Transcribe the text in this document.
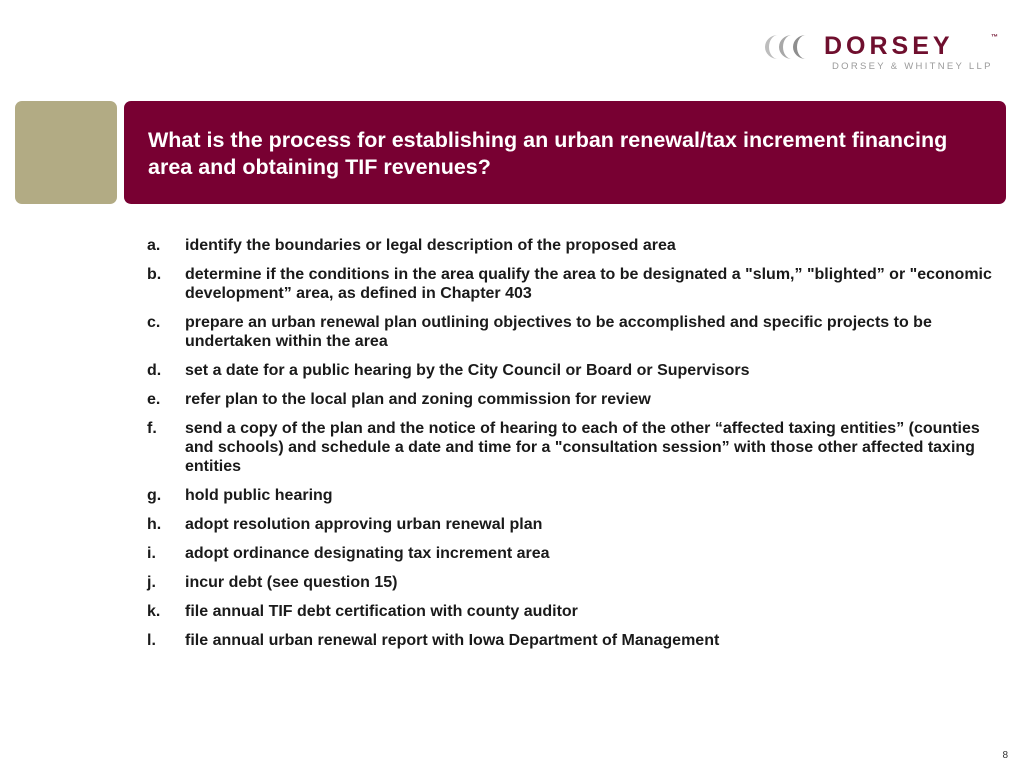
DORSEY	™
DORSEY & WHITNEY LLP
What is the process for establishing an urban renewal/tax increment financing area and obtaining TIF revenues?
a.	identify the boundaries or legal description of the proposed area
b.	determine if the conditions in the area qualify the area to be designated a "slum,” "blighted” or "economic development” area, as defined in Chapter 403
c.	prepare an urban renewal plan outlining objectives to be accomplished and specific projects to be undertaken within the area
d.	set a date for a public hearing by the City Council or Board or Supervisors
e.	refer plan to the local plan and zoning commission for review
f.	send a copy of the plan and the notice of hearing to each of the other “affected taxing entities” (counties and schools) and schedule a date and time for a "consultation session” with those other affected taxing entities
g.	hold public hearing
h.	adopt resolution approving urban renewal plan
i.	adopt ordinance designating tax increment area
j.	incur debt (see question 15)
k.	file annual TIF debt certification with county auditor
l.	file annual urban renewal report with Iowa Department of Management
8
